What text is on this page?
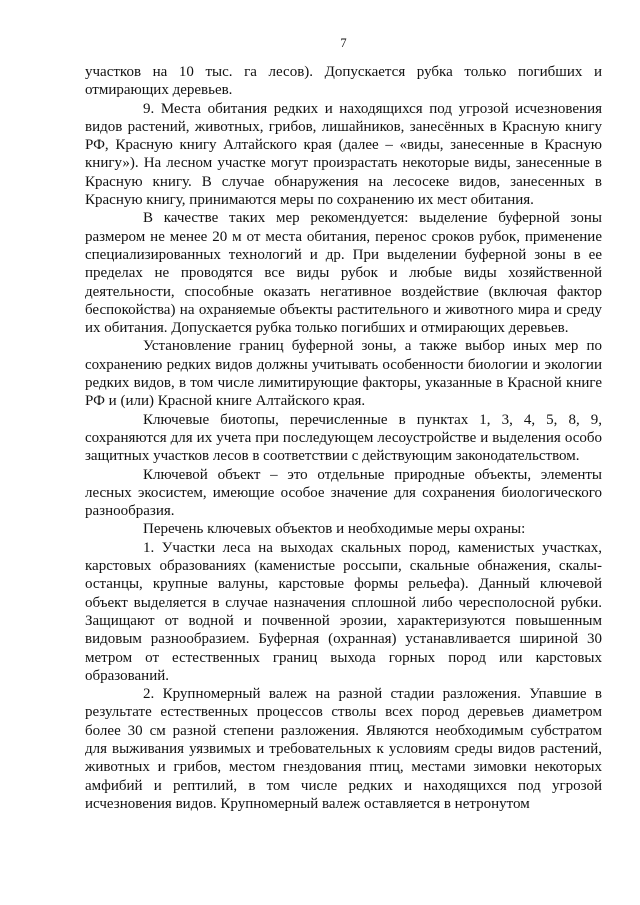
7

участков на 10 тыс. га лесов). Допускается рубка только погибших и отмирающих деревьев.

9. Места обитания редких и находящихся под угрозой исчезновения видов растений, животных, грибов, лишайников, занесённых в Красную книгу РФ, Красную книгу Алтайского края (далее – «виды, занесенные в Красную книгу»). На лесном участке могут произрастать некоторые виды, занесенные в Красную книгу. В случае обнаружения на лесосеке видов, занесенных в Красную книгу, принимаются меры по сохранению их мест обитания.

В качестве таких мер рекомендуется: выделение буферной зоны размером не менее 20 м от места обитания, перенос сроков рубок, применение специализированных технологий и др. При выделении буферной зоны в ее пределах не проводятся все виды рубок и любые виды хозяйственной деятельности, способные оказать негативное воздействие (включая фактор беспокойства) на охраняемые объекты растительного и животного мира и среду их обитания. Допускается рубка только погибших и отмирающих деревьев.

Установление границ буферной зоны, а также выбор иных мер по сохранению редких видов должны учитывать особенности биологии и экологии редких видов, в том числе лимитирующие факторы, указанные в Красной книге РФ и (или) Красной книге Алтайского края.

Ключевые биотопы, перечисленные в пунктах 1, 3, 4, 5, 8, 9, сохраняются для их учета при последующем лесоустройстве и выделения особо защитных участков лесов в соответствии с действующим законодательством.

Ключевой объект – это отдельные природные объекты, элементы лесных экосистем, имеющие особое значение для сохранения биологического разнообразия.

Перечень ключевых объектов и необходимые меры охраны:

1. Участки леса на выходах скальных пород, каменистых участках, карстовых образованиях (каменистые россыпи, скальные обнажения, скалы-останцы, крупные валуны, карстовые формы рельефа). Данный ключевой объект выделяется в случае назначения сплошной либо чересполосной рубки. Защищают от водной и почвенной эрозии, характеризуются повышенным видовым разнообразием. Буферная (охранная) устанавливается шириной 30 метром от естественных границ выхода горных пород или карстовых образований.

2. Крупномерный валеж на разной стадии разложения. Упавшие в результате естественных процессов стволы всех пород деревьев диаметром более 30 см разной степени разложения. Являются необходимым субстратом для выживания уязвимых и требовательных к условиям среды видов растений, животных и грибов, местом гнездования птиц, местами зимовки некоторых амфибий и рептилий, в том числе редких и находящихся под угрозой исчезновения видов. Крупномерный валеж оставляется в нетронутом
